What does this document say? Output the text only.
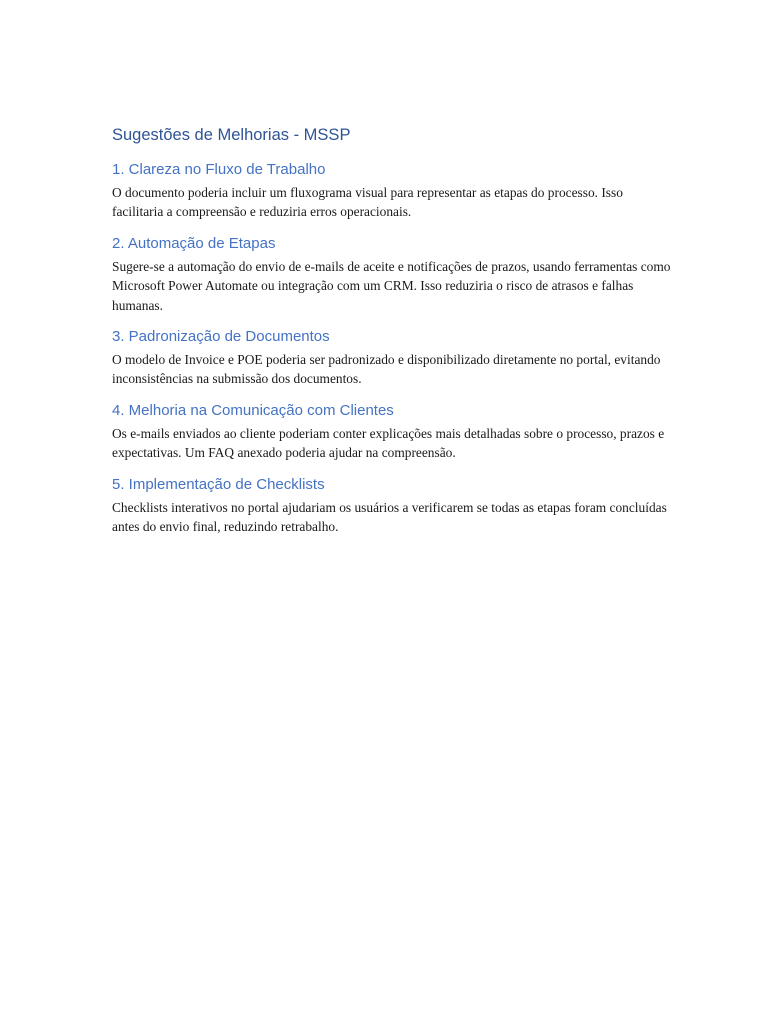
Sugestões de Melhorias - MSSP
1. Clareza no Fluxo de Trabalho

O documento poderia incluir um fluxograma visual para representar as etapas do processo. Isso facilitaria a compreensão e reduziria erros operacionais.

2. Automação de Etapas

Sugere-se a automação do envio de e-mails de aceite e notificações de prazos, usando ferramentas como Microsoft Power Automate ou integração com um CRM. Isso reduziria o risco de atrasos e falhas humanas.

3. Padronização de Documentos

O modelo de Invoice e POE poderia ser padronizado e disponibilizado diretamente no portal, evitando inconsistências na submissão dos documentos.

4. Melhoria na Comunicação com Clientes

Os e-mails enviados ao cliente poderiam conter explicações mais detalhadas sobre o processo, prazos e expectativas. Um FAQ anexado poderia ajudar na compreensão.

5. Implementação de Checklists

Checklists interativos no portal ajudariam os usuários a verificarem se todas as etapas foram concluídas antes do envio final, reduzindo retrabalho.
